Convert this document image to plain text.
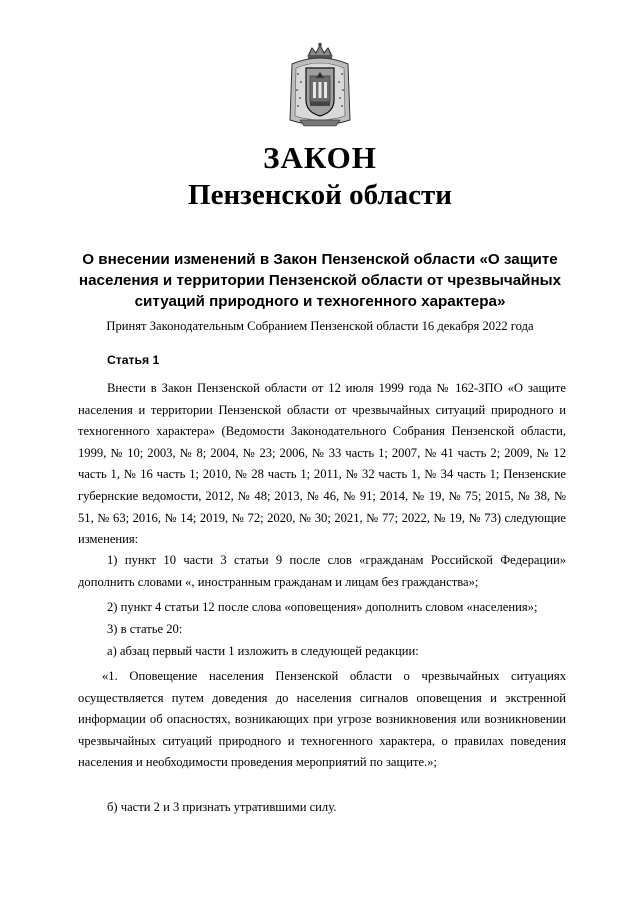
ЗАКОН
Пензенской области
О внесении изменений в Закон Пензенской области «О защите
населения и территории Пензенской области от чрезвычайных
ситуаций природного и техногенного характера»
Принят Законодательным Собранием Пензенской области 16 декабря 2022 года
Статья 1
Внести в Закон Пензенской области от 12 июля 1999 года № 162-ЗПО «О защите населения и территории Пензенской области от чрезвычайных ситуаций природного и техногенного характера» (Ведомости Законодательного Собрания Пензенской области, 1999, № 10; 2003, № 8; 2004, № 23; 2006, № 33 часть 1; 2007, № 41 часть 2; 2009, № 12 часть 1, № 16 часть 1; 2010, № 28 часть 1; 2011, № 32 часть 1, № 34 часть 1; Пензенские губернские ведомости, 2012, № 48; 2013, № 46, № 91; 2014, № 19, № 75; 2015, № 38, № 51, № 63; 2016, № 14; 2019, № 72; 2020, № 30; 2021, № 77; 2022, № 19, № 73) следующие изменения:
1) пункт 10 части 3 статьи 9 после слов «гражданам Российской Федерации» дополнить словами «, иностранным гражданам и лицам без гражданства»;
2) пункт 4 статьи 12 после слова «оповещения» дополнить словом «населения»;
3) в статье 20:
а) абзац первый части 1 изложить в следующей редакции:
«1. Оповещение населения Пензенской области о чрезвычайных ситуациях осуществляется путем доведения до населения сигналов оповещения и экстренной информации об опасностях, возникающих при угрозе возникновения или возникновении чрезвычайных ситуаций природного и техногенного характера, о правилах поведения населения и необходимости проведения мероприятий по защите.»;
б) части 2 и 3 признать утратившими силу.
